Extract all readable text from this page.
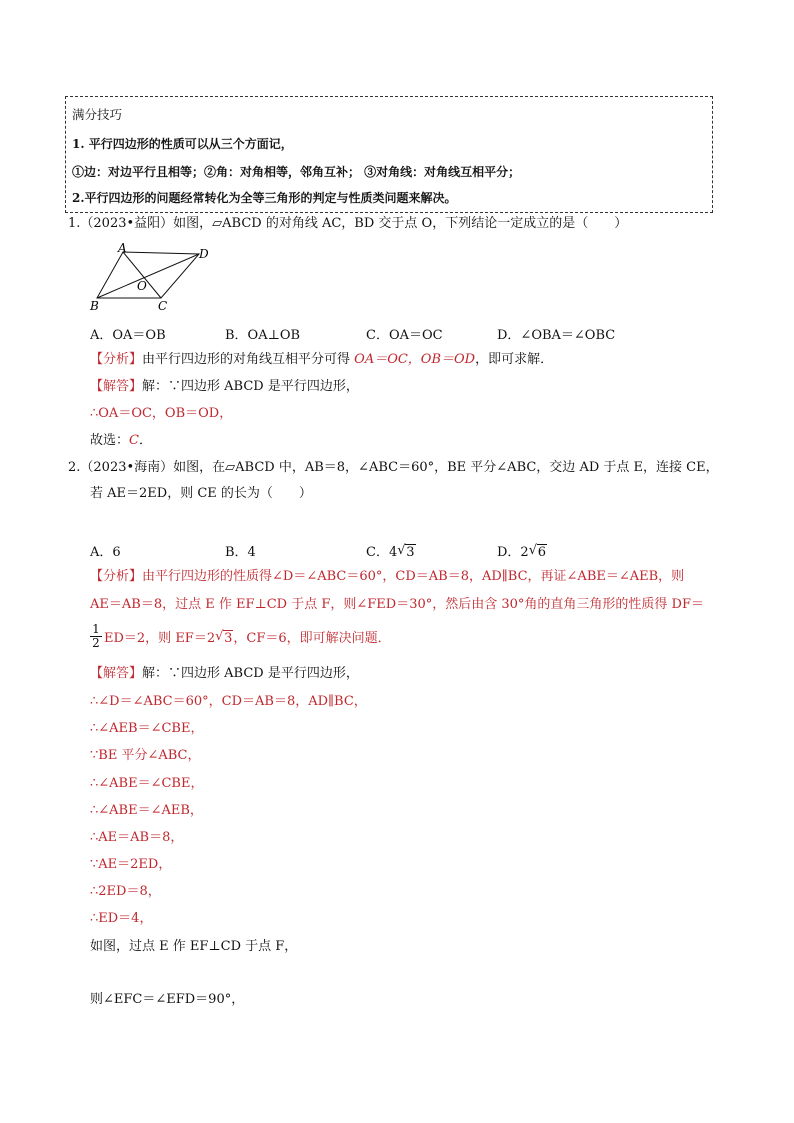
满分技巧
1. 平行四边形的性质可以从三个方面记，
①边：对边平行且相等；②角：对角相等，邻角互补； ③对角线：对角线互相平分；
2.平行四边形的问题经常转化为全等三角形的判定与性质类问题来解决。
1.（2023•益阳）如图，▱ABCD 的对角线 AC，BD 交于点 O，下列结论一定成立的是（　　）
A	D
B	C
O
A．OA＝OB	B．OA⊥OB	C．OA＝OC	D．∠OBA＝∠OBC
【分析】由平行四边形的对角线互相平分可得 OA＝OC，OB＝OD，即可求解．
【解答】解：∵四边形 ABCD 是平行四边形，
∴OA＝OC，OB＝OD，
故选：C．
2.（2023•海南）如图，在▱ABCD 中，AB＝8，∠ABC＝60°，BE 平分∠ABC，交边 AD 于点 E，连接 CE，
若 AE＝2ED，则 CE 的长为（　　）
A．6	B．4	C．4 √ 3	D．2 √ 6
【分析】由平行四边形的性质得∠D＝∠ABC＝60°，CD＝AB＝8，AD∥BC，再证∠ABE＝∠AEB，则
AE＝AB＝8，过点 E 作 EF⊥CD 于点 F，则∠FED＝30°，然后由含 30°角的直角三角形的性质得 DF＝
$\frac{1}{2} ED=2$，则 EF＝2 √ 3，CF＝6，即可解决问题．
【解答】解：∵四边形 ABCD 是平行四边形，
∴∠D＝∠ABC＝60°，CD＝AB＝8，AD∥BC，
∴∠AEB＝∠CBE，
∵BE 平分∠ABC，
∴∠ABE＝∠CBE，
∴∠ABE＝∠AEB，
∴AE＝AB＝8，
∵AE＝2ED，
∴2ED＝8，
∴ED＝4，
如图，过点 E 作 EF⊥CD 于点 F，
则∠EFC＝∠EFD＝90°，
